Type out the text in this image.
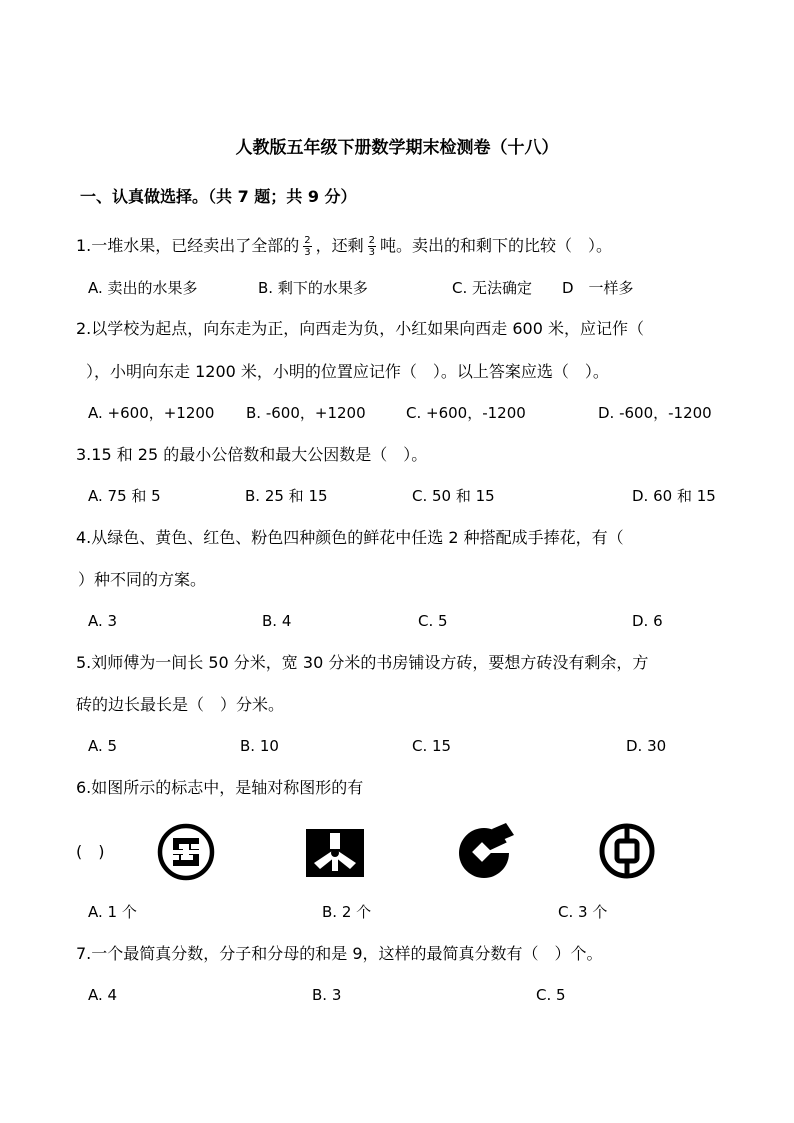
人教版五年级下册数学期末检测卷（十八）
一、认真做选择。（共 7 题；共 9 分）
1.一堆水果，已经卖出了全部的 $\frac{2}{3}$ ，还剩 $\frac{2}{3}$ 吨。卖出的和剩下的比较（　）。
A. 卖出的水果多	B. 剩下的水果多	C. 无法确定 D　一样多
2.以学校为起点，向东走为正，向西走为负，小红如果向西走 600 米，应记作（
），小明向东走 1200 米，小明的位置应记作（　）。以上答案应选（　）。
A. +600，+1200 B. -600，+1200	C. +600，-1200	D. -600，-1200
3.15 和 25 的最小公倍数和最大公因数是（　）。
A. 75 和 5	B. 25 和 15	C. 50 和 15	D. 60 和 15
4.从绿色、黄色、红色、粉色四种颜色的鲜花中任选 2 种搭配成手捧花，有（
）种不同的方案。
A. 3	B. 4	C. 5	D. 6
5.刘师傅为一间长 50 分米，宽 30 分米的书房铺设方砖，要想方砖没有剩余，方
砖的边长最长是（　）分米。
A. 5	B. 10	C. 15	D. 30
6.如图所示的标志中，是轴对称图形的有
(　)
A. 1 个	B. 2 个	C. 3 个
7.一个最简真分数，分子和分母的和是 9，这样的最简真分数有（　）个。
A. 4	B. 3	C. 5
